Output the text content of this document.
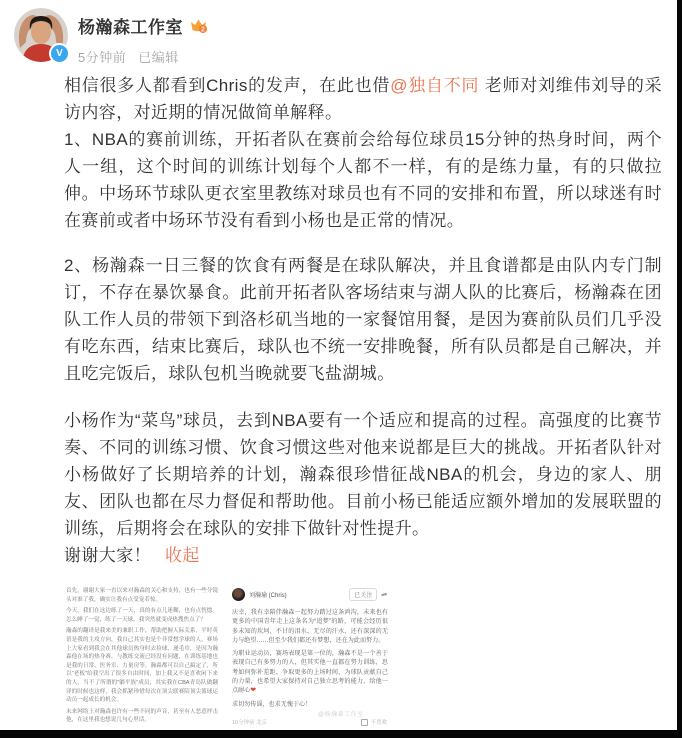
V
杨瀚森工作室	2
5分钟前 已编辑

相信很多人都看到Chris的发声，在此也借@独自不同 老师对刘维伟刘导的采访内容，对近期的情况做简单解释。

1、NBA的赛前训练，开拓者队在赛前会给每位球员15分钟的热身时间，两个人一组，这个时间的训练计划每个人都不一样，有的是练力量，有的只做拉伸。中场环节球队更衣室里教练对球员也有不同的安排和布置，所以球迷有时在赛前或者中场环节没有看到小杨也是正常的情况。

2、杨瀚森一日三餐的饮食有两餐是在球队解决，并且食谱都是由队内专门制订，不存在暴饮暴食。此前开拓者队客场结束与湖人队的比赛后，杨瀚森在团队工作人员的带领下到洛杉矶当地的一家餐馆用餐，是因为赛前队员们几乎没有吃东西，结束比赛后，球队也不统一安排晚餐，所有队员都是自己解决，并且吃完饭后，球队包机当晚就要飞盐湖城。

小杨作为“菜鸟”球员，去到NBA要有一个适应和提高的过程。高强度的比赛节奏、不同的训练习惯、饮食习惯这些对他来说都是巨大的挑战。开拓者队针对小杨做好了长期培养的计划，瀚森很珍惜征战NBA的机会，身边的家人、朋友、团队也都在尽力督促和帮助他。目前小杨已能适应额外增加的发展联盟的训练，后期将会在球队的安排下做针对性提升。

谢谢大家！ 收起

首先，谢谢大家一直以来对瀚森的关心和支持，也有一些分镜头对准了我，确实让我有点受宠若惊。
今天，我们在这边练了一天，真的有点儿迷糊，也有点恍惚。怎么睡了一觉，练了一天球，我突然就变成热搜焦点了？
瀚森的翻译是我来美的兼职工作，帮助把握人际关系，平时英语是我的主攻方向，我自己其实也是个非常想学球的人。赛场上大家看到我会在其他球员热身时去捡球、递毛巾，是因为瀚森他在场的热身赛，与教练交流已经没有问题，在训练基地也是我的日常、医务室、力量房等。瀚森都可以自己搞定了，所以“老板”给我空出了很多自由时间，加上我又不是喜欢闲下来的人，当不了所谓的“躺平族”成员，其实我在CBA青岛队做翻译的时候也这样，我会抓紧珍惜每次在顶尖联赛陪顶尖篮球运动员一起成长的机会。
未来网络上对瀚森也许有一些不同的声音，甚至有人恶意抨击他，在这里我也想说几句心里话。
刘瀚瑜 (Chris)	已关注	➦

庆幸，我有幸陪伴瀚森一起努力踏过这条鸿沟，未来也有更多的中国青年走上这条名为“追梦”的路，可能会经历很多未知的坎坷、不甘的泪水、无尽的汗水、还有深深的无力与绝望……但至少我们都还有梦想，还在为此而努力。

为职业运动员，赛场表现是第一位的，瀚森不是一个善于表现自己有多努力的人，但其实他一直都在努力训练，思考如何弥补差距、争取更多的上场时间、为球队贡献自己的力量，也希望大家保持对自己独立思考的能力，给他一点耐心❤

求切勿传谣，也求无愧于心！

10分钟前 北京	不喜欢
@杨瀚森工作室
